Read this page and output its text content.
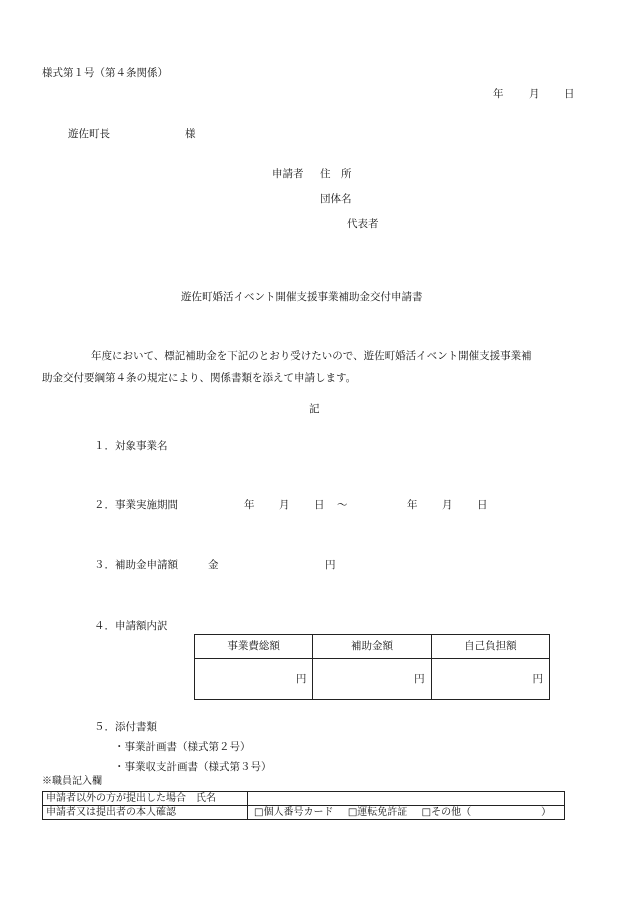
様式第１号（第４条関係）
年 月 日
遊佐町長	様
申請者 住　所
団体名
代表者
遊佐町婚活イベント開催支援事業補助金交付申請書
年度において、標記補助金を下記のとおり受けたいので、遊佐町婚活イベント開催支援事業補
助金交付要綱第４条の規定により、関係書類を添えて申請します。
記
１．対象事業名
２．事業実施期間	年 月 日 ～	年 月 日
３．補助金申請額	金	円
４．申請額内訳
事業費総額	補助金額	自己負担額
円	円	円
５．添付書類
・事業計画書（様式第２号）
・事業収支計画書（様式第３号）
※職員記入欄
申請者以外の方が提出した場合　氏名	
申請者又は提出者の本人確認	□個人番号カード □運転免許証 □その他（　　　　　　　）
